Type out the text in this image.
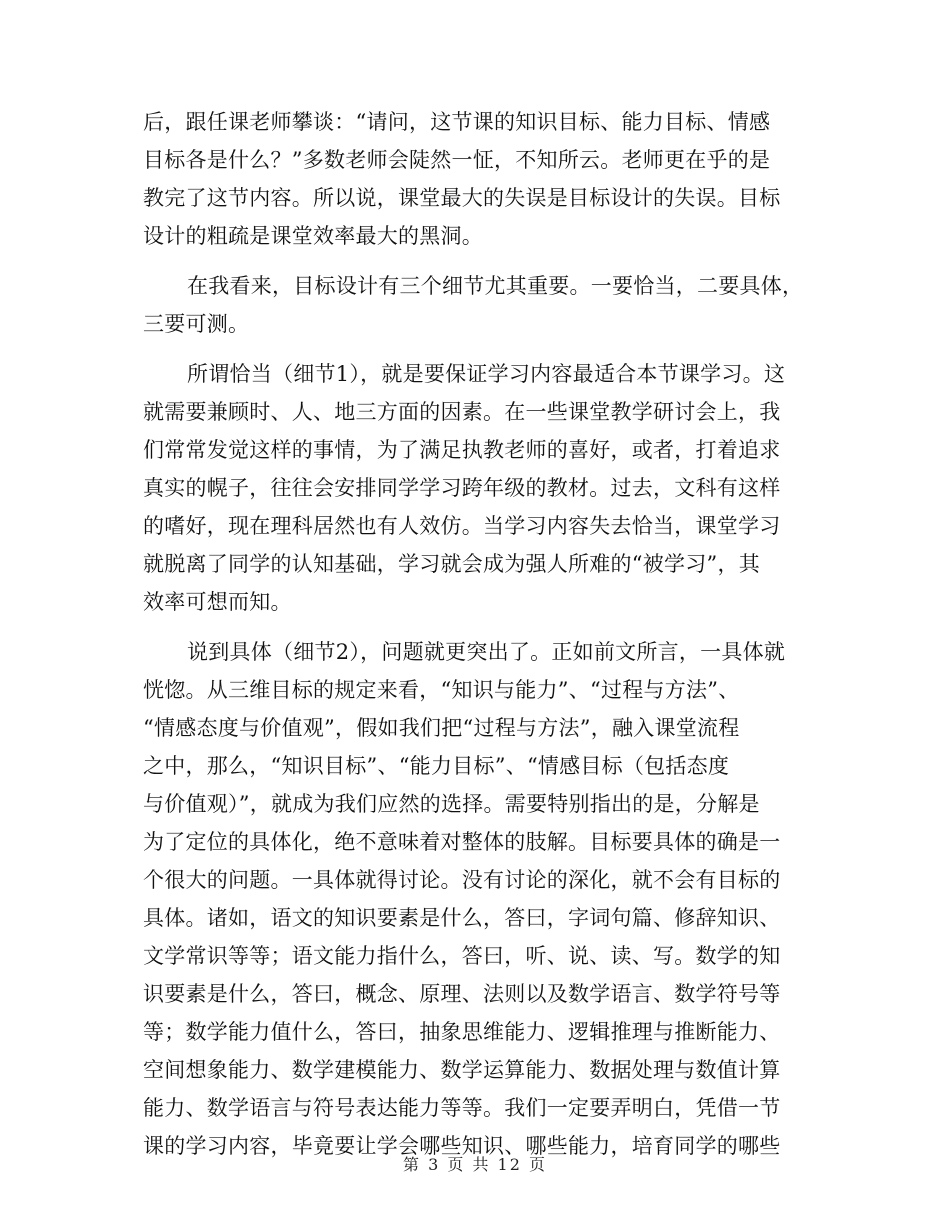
后，跟任课老师攀谈：“请问，这节课的知识目标、能力目标、情感
目标各是什么？”多数老师会陡然一怔，不知所云。老师更在乎的是
教完了这节内容。所以说，课堂最大的失误是目标设计的失误。目标
设计的粗疏是课堂效率最大的黑洞。
在我看来，目标设计有三个细节尤其重要。一要恰当，二要具体，
三要可测。
所谓恰当（细节1），就是要保证学习内容最适合本节课学习。这
就需要兼顾时、人、地三方面的因素。在一些课堂教学研讨会上，我
们常常发觉这样的事情，为了满足执教老师的喜好，或者，打着追求
真实的幌子，往往会安排同学学习跨年级的教材。过去，文科有这样
的嗜好，现在理科居然也有人效仿。当学习内容失去恰当，课堂学习
就脱离了同学的认知基础，学习就会成为强人所难的“被学习”，其
效率可想而知。
说到具体（细节2），问题就更突出了。正如前文所言，一具体就
恍惚。从三维目标的规定来看，“知识与能力”、“过程与方法”、
“情感态度与价值观”，假如我们把“过程与方法”，融入课堂流程
之中，那么，“知识目标”、“能力目标”、“情感目标（包括态度
与价值观）”，就成为我们应然的选择。需要特别指出的是，分解是
为了定位的具体化，绝不意味着对整体的肢解。目标要具体的确是一
个很大的问题。一具体就得讨论。没有讨论的深化，就不会有目标的
具体。诸如，语文的知识要素是什么，答曰，字词句篇、修辞知识、
文学常识等等；语文能力指什么，答曰，听、说、读、写。数学的知
识要素是什么，答曰，概念、原理、法则以及数学语言、数学符号等
等；数学能力值什么，答曰，抽象思维能力、逻辑推理与推断能力、
空间想象能力、数学建模能力、数学运算能力、数据处理与数值计算
能力、数学语言与符号表达能力等等。我们一定要弄明白，凭借一节
课的学习内容，毕竟要让学会哪些知识、哪些能力，培育同学的哪些
第 3 页 共 12 页
